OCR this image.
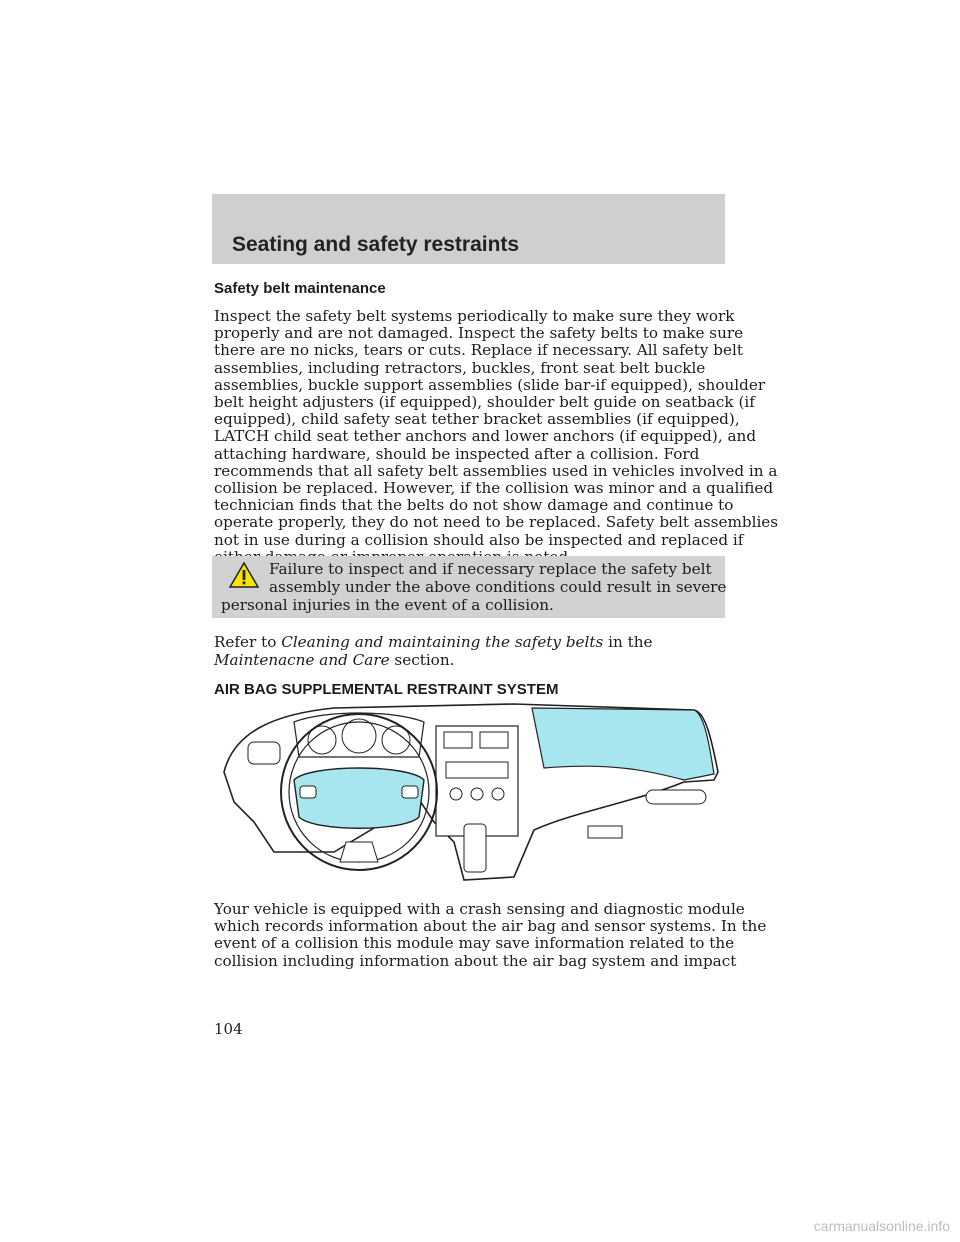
Seating and safety restraints
Safety belt maintenance
Inspect the safety belt systems periodically to make sure they work
properly and are not damaged. Inspect the safety belts to make sure
there are no nicks, tears or cuts. Replace if necessary. All safety belt
assemblies, including retractors, buckles, front seat belt buckle
assemblies, buckle support assemblies (slide bar-if equipped), shoulder
belt height adjusters (if equipped), shoulder belt guide on seatback (if
equipped), child safety seat tether bracket assemblies (if equipped),
LATCH child seat tether anchors and lower anchors (if equipped), and
attaching hardware, should be inspected after a collision. Ford
recommends that all safety belt assemblies used in vehicles involved in a
collision be replaced. However, if the collision was minor and a qualified
technician finds that the belts do not show damage and continue to
operate properly, they do not need to be replaced. Safety belt assemblies
not in use during a collision should also be inspected and replaced if
Failure to inspect and if necessary replace the safety belt
assembly under the above conditions could result in severe
personal injuries in the event of a collision.
Refer to Cleaning and maintaining the safety belts in the
Maintenacne and Care section.
AIR BAG SUPPLEMENTAL RESTRAINT SYSTEM
Your vehicle is equipped with a crash sensing and diagnostic module
which records information about the air bag and sensor systems. In the
event of a collision this module may save information related to the
collision including information about the air bag system and impact
104
carmanualsonline.info
